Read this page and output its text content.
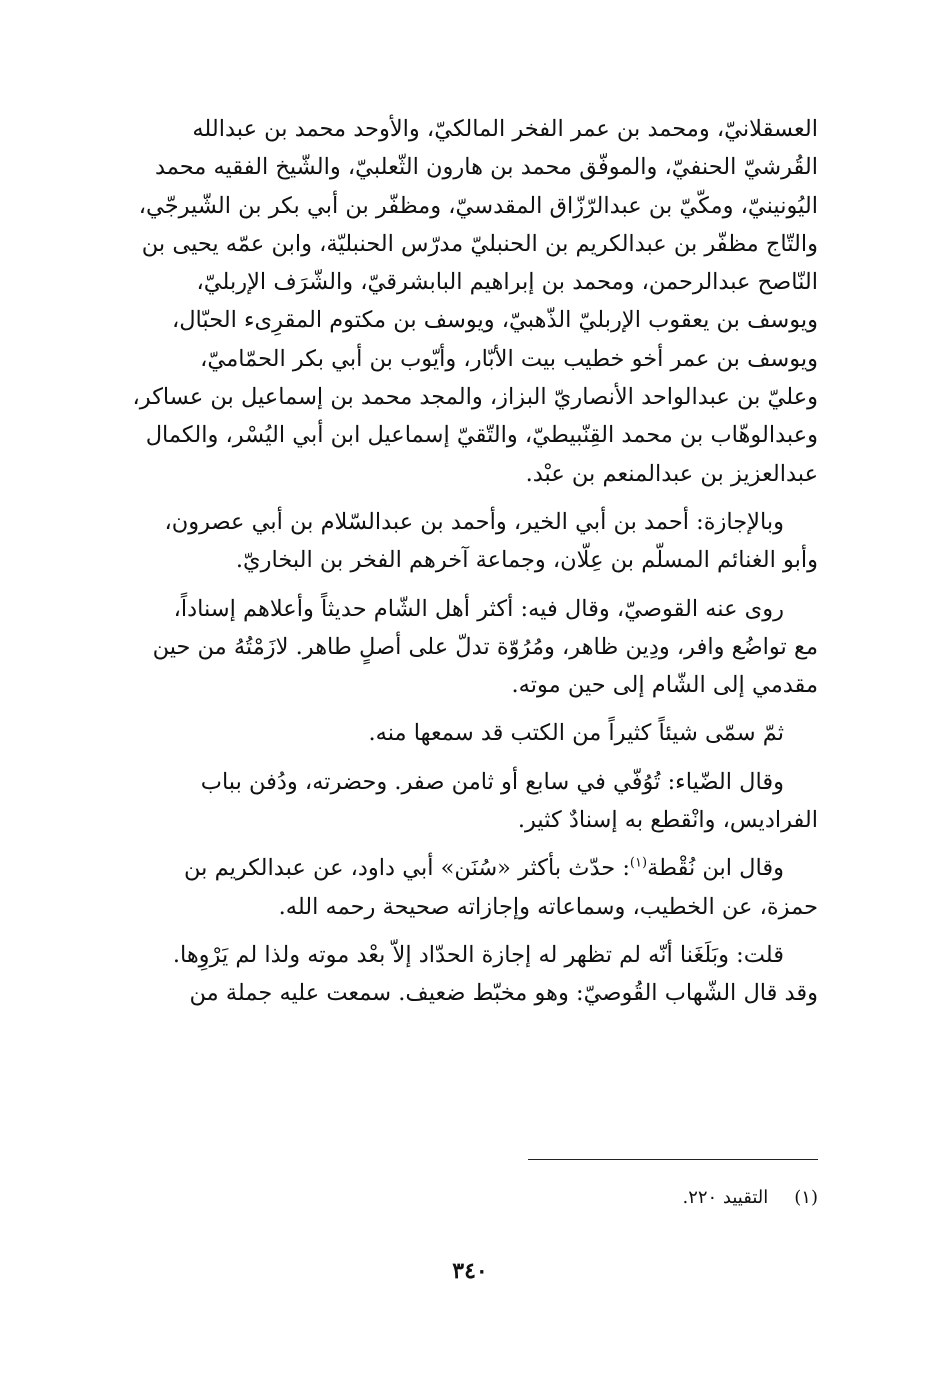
العسقلانيّ، ومحمد بن عمر الفخر المالكيّ، والأوحد محمد بن عبدالله
القُرشيّ الحنفيّ، والموفّق محمد بن هارون الثّعلبيّ، والشّيخ الفقيه محمد
اليُونينيّ، ومكّيّ بن عبدالرّزّاق المقدسيّ، ومظفّر بن أبي بكر بن الشّيرجّي،
والتّاج مظفّر بن عبدالكريم بن الحنبليّ مدرّس الحنبليّة، وابن عمّه يحيى بن
النّاصح عبدالرحمن، ومحمد بن إبراهيم البابشرقيّ، والشّرَف الإربليّ،
ويوسف بن يعقوب الإربليّ الذّهبيّ، ويوسف بن مكتوم المقرِىء الحبّال،
ويوسف بن عمر أخو خطيب بيت الأبّار، وأيّوب بن أبي بكر الحمّاميّ،
وعليّ بن عبدالواحد الأنصاريّ البزاز، والمجد محمد بن إسماعيل بن عساكر،
وعبدالوهّاب بن محمد القِنّبيطيّ، والتّقيّ إسماعيل ابن أبي اليُسْر، والكمال
عبدالعزيز بن عبدالمنعم بن عبْد.

وبالإجازة: أحمد بن أبي الخير، وأحمد بن عبدالسّلام بن أبي عصرون،
وأبو الغنائم المسلّم بن عِلّان، وجماعة آخرهم الفخر بن البخاريّ.

روى عنه القوصيّ، وقال فيه: أكثر أهل الشّام حديثاً وأعلاهم إسناداً،
مع تواضُع وافر، ودِين ظاهر، ومُرُوّة تدلّ على أصلٍ طاهر. لازَمْتُهُ من حين
مقدمي إلى الشّام إلى حين موته.

ثمّ سمّى شيئاً كثيراً من الكتب قد سمعها منه.

وقال الضّياء: تُوُفّي في سابع أو ثامن صفر. وحضرته، ودُفن بباب
الفراديس، وانْقطع به إسنادٌ كثير.

وقال ابن نُقْطة$^{(١)}$: حدّث بأكثر «سُنَن» أبي داود، عن عبدالكريم بن
حمزة، عن الخطيب، وسماعاته وإجازاته صحيحة رحمه الله.

قلت: وبَلَغَنا أنّه لم تظهر له إجازة الحدّاد إلاّ بعْد موته ولذا لم يَرْوِها.
وقد قال الشّهاب القُوصيّ: وهو مخبّط ضعيف. سمعت عليه جملة من

(١)التقييد ٢٢٠.
٣٤٠
